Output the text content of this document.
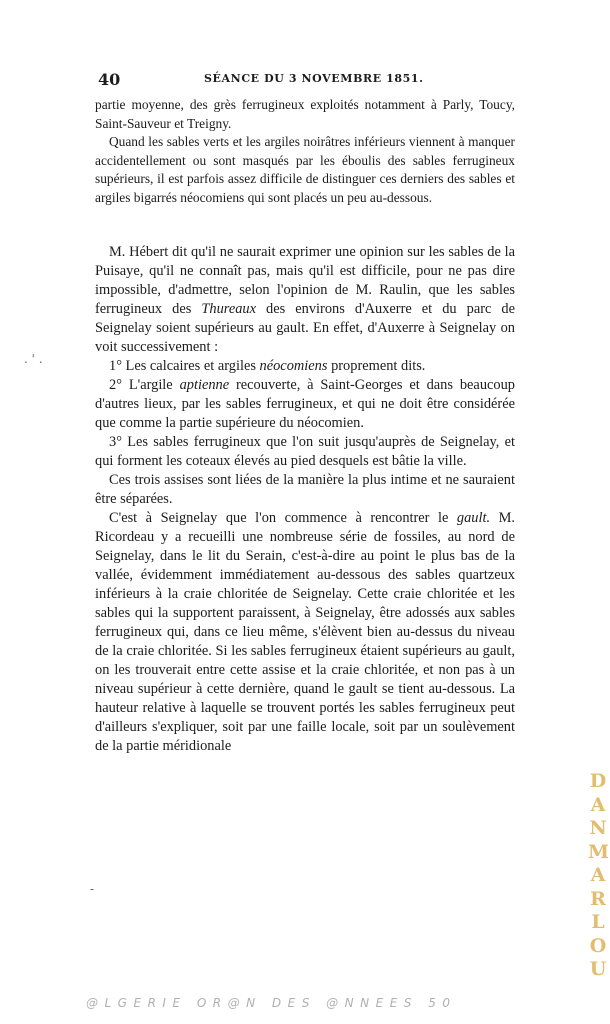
40	SÉANCE DU 3 NOVEMBRE 1851.

partie moyenne, des grès ferrugineux exploités notamment à Parly, Toucy, Saint-Sauveur et Treigny.

Quand les sables verts et les argiles noirâtres inférieurs viennent à manquer accidentellement ou sont masqués par les éboulis des sables ferrugineux supérieurs, il est parfois assez difficile de distinguer ces derniers des sables et argiles bigarrés néocomiens qui sont placés un peu au-dessous.

M. Hébert dit qu'il ne saurait exprimer une opinion sur les sables de la Puisaye, qu'il ne connaît pas, mais qu'il est difficile, pour ne pas dire impossible, d'admettre, selon l'opinion de M. Raulin, que les sables ferrugineux des Thureaux des environs d'Auxerre et du parc de Seignelay soient supérieurs au gault. En effet, d'Auxerre à Seignelay on voit successivement :

1° Les calcaires et argiles néocomiens proprement dits.

2° L'argile aptienne recouverte, à Saint-Georges et dans beaucoup d'autres lieux, par les sables ferrugineux, et qui ne doit être considérée que comme la partie supérieure du néocomien.

3° Les sables ferrugineux que l'on suit jusqu'auprès de Seignelay, et qui forment les coteaux élevés au pied desquels est bâtie la ville.

Ces trois assises sont liées de la manière la plus intime et ne sauraient être séparées.

C'est à Seignelay que l'on commence à rencontrer le gault. M. Ricordeau y a recueilli une nombreuse série de fossiles, au nord de Seignelay, dans le lit du Serain, c'est-à-dire au point le plus bas de la vallée, évidemment immédiatement au-dessous des sables quartzeux inférieurs à la craie chloritée de Seignelay. Cette craie chloritée et les sables qui la supportent paraissent, à Seignelay, être adossés aux sables ferrugineux qui, dans ce lieu même, s'élèvent bien au-dessus du niveau de la craie chloritée. Si les sables ferrugineux étaient supérieurs au gault, on les trouverait entre cette assise et la craie chloritée, et non pas à un niveau supérieur à cette dernière, quand le gault se tient au-dessous. La hauteur relative à laquelle se trouvent portés les sables ferrugineux peut d'ailleurs s'expliquer, soit par une faille locale, soit par un soulèvement de la partie méridionale

. ' .
-
D
A
N
M
A
R
L
O
U
@LGERIE OR@N DES @NNEES 50
